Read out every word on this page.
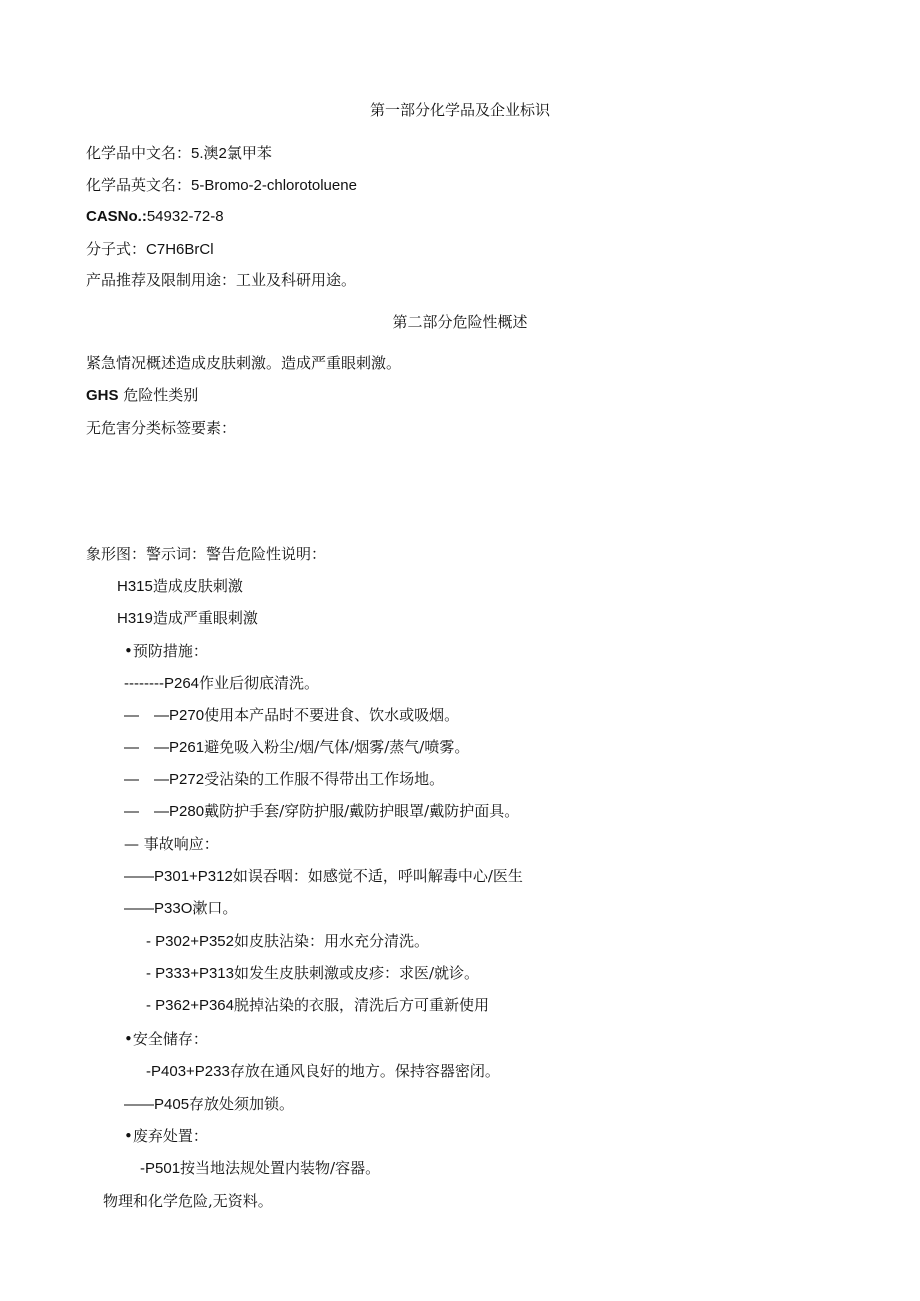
第一部分化学品及企业标识
化学品中文名：5.澳2氯甲苯
化学品英文名：5-Bromo-2-chlorotoluene
CASNo.:54932-72-8
分子式：C7H6BrCl
产品推荐及限制用途：工业及科研用途。
第二部分危险性概述
紧急情况概述造成皮肤刺激。造成严重眼刺激。
GHS 危险性类别
无危害分类标签要素：
象形图：警示词：警告危险性说明：
H315造成皮肤刺激
H319造成严重眼刺激
•预防措施：
--------P264作业后彻底清洗。
—　—P270使用本产品时不要进食、饮水或吸烟。
—　—P261避免吸入粉尘/烟/气体/烟雾/蒸气/喷雾。
—　—P272受沾染的工作服不得带出工作场地。
—　—P280戴防护手套/穿防护服/戴防护眼罩/戴防护面具。
— 事故响应：
——P301+P312如误吞咽：如感觉不适，呼叫解毒中心/医生
——P33O漱口。
- P302+P352如皮肤沾染：用水充分清洗。
- P333+P313如发生皮肤刺激或皮疹：求医/就诊。
- P362+P364脱掉沾染的衣服，清洗后方可重新使用
•安全储存：
-P403+P233存放在通风良好的地方。保持容器密闭。
——P405存放处须加锁。
•废弃处置：
-P501按当地法规处置内装物/容器。
物理和化学危险,无资料。
